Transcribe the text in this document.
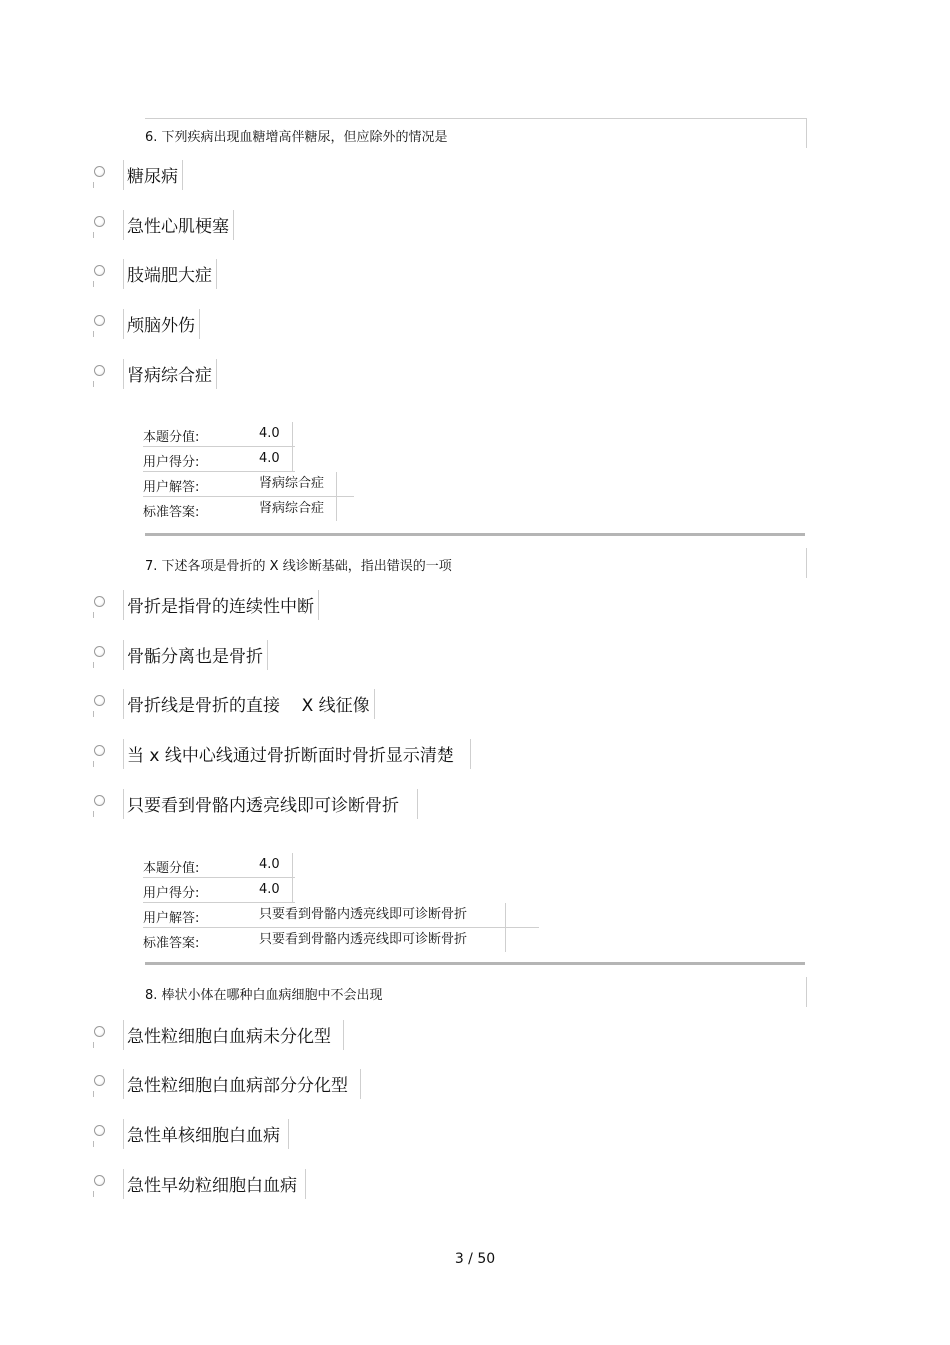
6. 下列疾病出现血糖增高伴糖尿，但应除外的情况是
糖尿病
急性心肌梗塞
肢端肥大症
颅脑外伤
肾病综合症
本题分值:	4.0
用户得分:	4.0
用户解答:	肾病综合症
标准答案:	肾病综合症
7. 下述各项是骨折的 X 线诊断基础，指出错误的一项
骨折是指骨的连续性中断
骨骺分离也是骨折
骨折线是骨折的直接    X 线征像
当 x 线中心线通过骨折断面时骨折显示清楚
只要看到骨骼内透亮线即可诊断骨折
本题分值:	4.0
用户得分:	4.0
用户解答:	只要看到骨骼内透亮线即可诊断骨折
标准答案:	只要看到骨骼内透亮线即可诊断骨折
8. 棒状小体在哪种白血病细胞中不会出现
急性粒细胞白血病未分化型
急性粒细胞白血病部分分化型
急性单核细胞白血病
急性早幼粒细胞白血病
3 / 50
